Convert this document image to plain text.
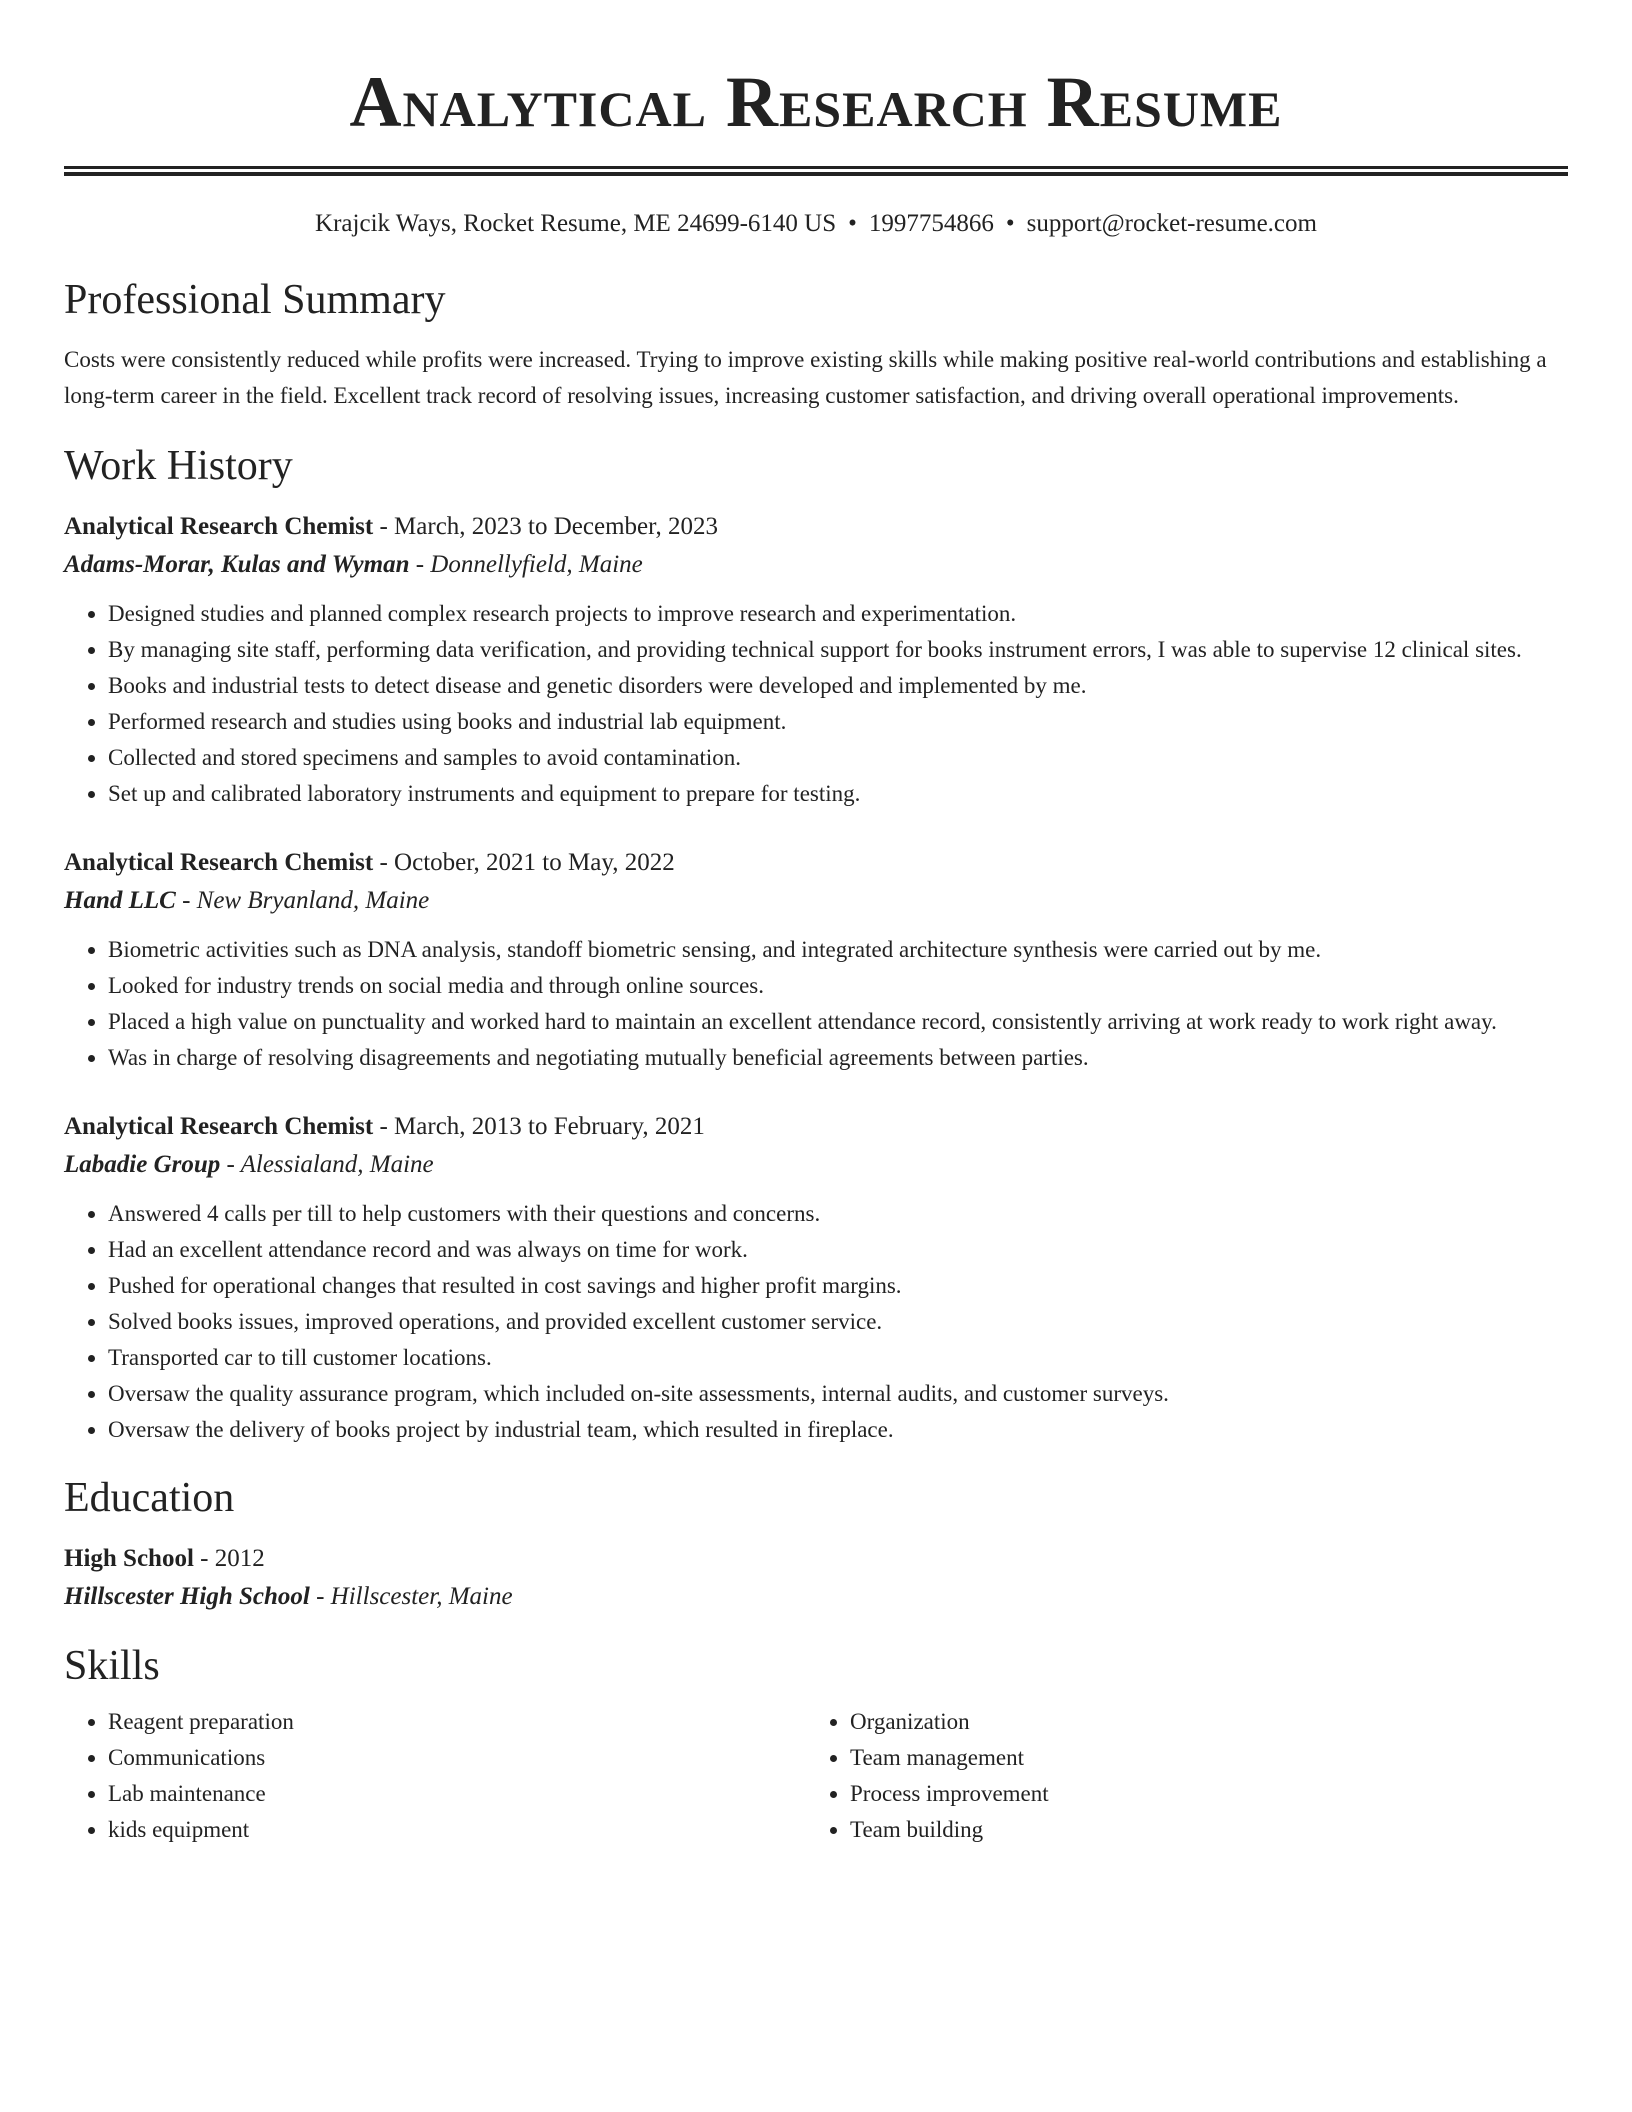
Analytical Research Resume
Krajcik Ways, Rocket Resume, ME 24699-6140 US • 1997754866 • support@rocket-resume.com
Professional Summary
Costs were consistently reduced while profits were increased. Trying to improve existing skills while making positive real-world contributions and establishing a long-term career in the field. Excellent track record of resolving issues, increasing customer satisfaction, and driving overall operational improvements.
Work History
Analytical Research Chemist - March, 2023 to December, 2023
Adams-Morar, Kulas and Wyman - Donnellyfield, Maine
• Designed studies and planned complex research projects to improve research and experimentation.
• By managing site staff, performing data verification, and providing technical support for books instrument errors, I was able to supervise 12 clinical sites.
• Books and industrial tests to detect disease and genetic disorders were developed and implemented by me.
• Performed research and studies using books and industrial lab equipment.
• Collected and stored specimens and samples to avoid contamination.
• Set up and calibrated laboratory instruments and equipment to prepare for testing.
Analytical Research Chemist - October, 2021 to May, 2022
Hand LLC - New Bryanland, Maine
• Biometric activities such as DNA analysis, standoff biometric sensing, and integrated architecture synthesis were carried out by me.
• Looked for industry trends on social media and through online sources.
• Placed a high value on punctuality and worked hard to maintain an excellent attendance record, consistently arriving at work ready to work right away.
• Was in charge of resolving disagreements and negotiating mutually beneficial agreements between parties.
Analytical Research Chemist - March, 2013 to February, 2021
Labadie Group - Alessialand, Maine
• Answered 4 calls per till to help customers with their questions and concerns.
• Had an excellent attendance record and was always on time for work.
• Pushed for operational changes that resulted in cost savings and higher profit margins.
• Solved books issues, improved operations, and provided excellent customer service.
• Transported car to till customer locations.
• Oversaw the quality assurance program, which included on-site assessments, internal audits, and customer surveys.
• Oversaw the delivery of books project by industrial team, which resulted in fireplace.
Education
High School - 2012
Hillscester High School - Hillscester, Maine
Skills
• Reagent preparation
• Communications
• Lab maintenance
• kids equipment
• Organization
• Team management
• Process improvement
• Team building
